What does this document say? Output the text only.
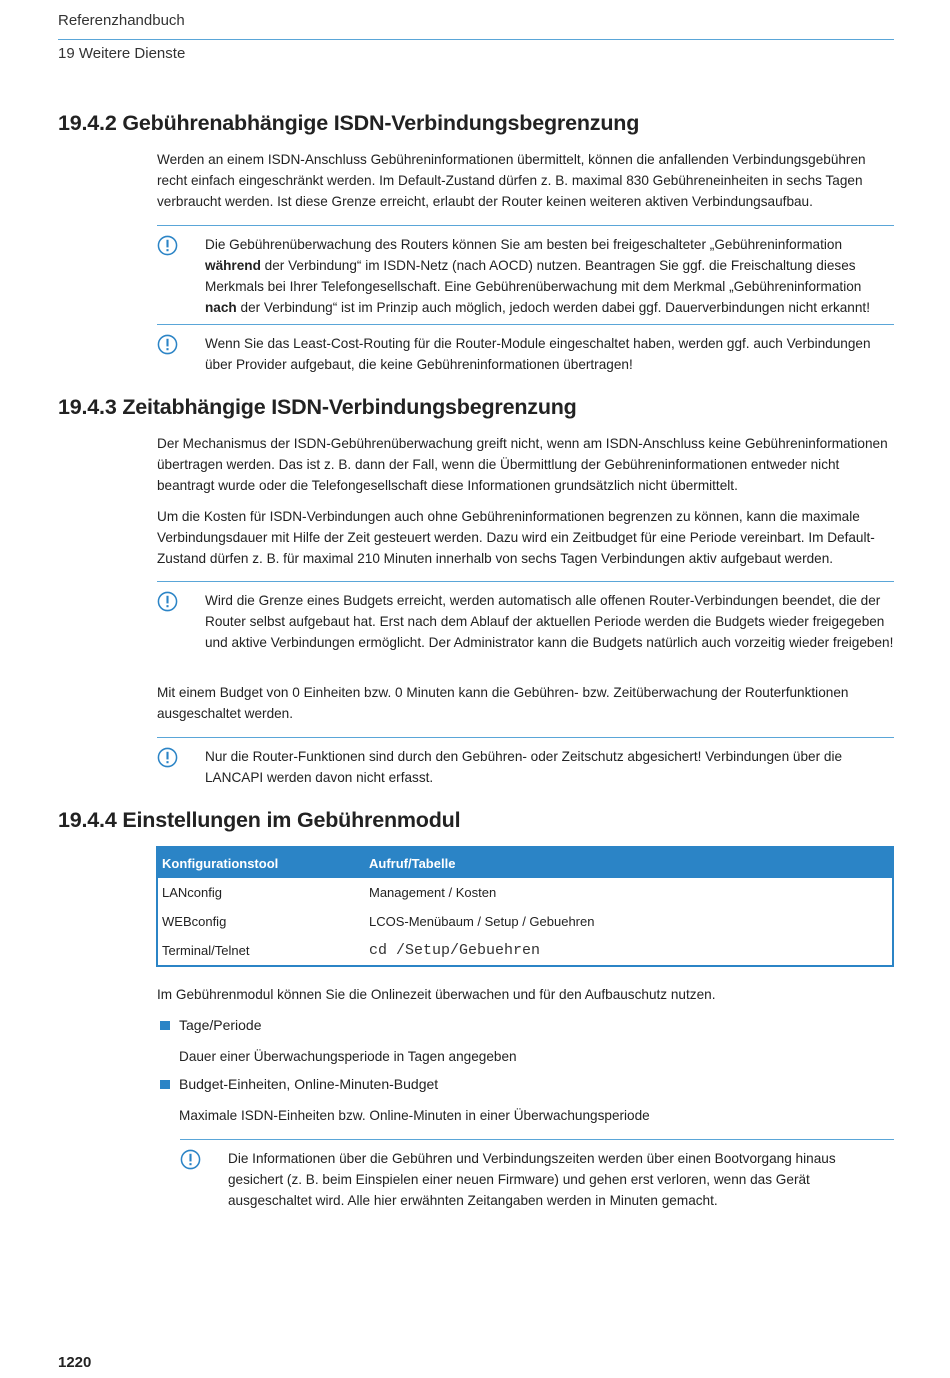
Referenzhandbuch
19 Weitere Dienste
19.4.2 Gebührenabhängige ISDN-Verbindungsbegrenzung
Werden an einem ISDN-Anschluss Gebühreninformationen übermittelt, können die anfallenden Verbindungsgebühren recht einfach eingeschränkt werden. Im Default-Zustand dürfen z. B. maximal 830 Gebühreneinheiten in sechs Tagen verbraucht werden. Ist diese Grenze erreicht, erlaubt der Router keinen weiteren aktiven Verbindungsaufbau.
Die Gebührenüberwachung des Routers können Sie am besten bei freigeschalteter „Gebühreninformation während der Verbindung“ im ISDN-Netz (nach AOCD) nutzen. Beantragen Sie ggf. die Freischaltung dieses Merkmals bei Ihrer Telefongesellschaft. Eine Gebührenüberwachung mit dem Merkmal „Gebühreninformation nach der Verbindung“ ist im Prinzip auch möglich, jedoch werden dabei ggf. Dauerverbindungen nicht erkannt!
Wenn Sie das Least-Cost-Routing für die Router-Module eingeschaltet haben, werden ggf. auch Verbindungen über Provider aufgebaut, die keine Gebühreninformationen übertragen!
19.4.3 Zeitabhängige ISDN-Verbindungsbegrenzung
Der Mechanismus der ISDN-Gebührenüberwachung greift nicht, wenn am ISDN-Anschluss keine Gebühreninformationen übertragen werden. Das ist z. B. dann der Fall, wenn die Übermittlung der Gebühreninformationen entweder nicht beantragt wurde oder die Telefongesellschaft diese Informationen grundsätzlich nicht übermittelt.
Um die Kosten für ISDN-Verbindungen auch ohne Gebühreninformationen begrenzen zu können, kann die maximale Verbindungsdauer mit Hilfe der Zeit gesteuert werden. Dazu wird ein Zeitbudget für eine Periode vereinbart. Im Default-Zustand dürfen z. B. für maximal 210 Minuten innerhalb von sechs Tagen Verbindungen aktiv aufgebaut werden.
Wird die Grenze eines Budgets erreicht, werden automatisch alle offenen Router-Verbindungen beendet, die der Router selbst aufgebaut hat. Erst nach dem Ablauf der aktuellen Periode werden die Budgets wieder freigegeben und aktive Verbindungen ermöglicht. Der Administrator kann die Budgets natürlich auch vorzeitig wieder freigeben!
Mit einem Budget von 0 Einheiten bzw. 0 Minuten kann die Gebühren- bzw. Zeitüberwachung der Routerfunktionen ausgeschaltet werden.
Nur die Router-Funktionen sind durch den Gebühren- oder Zeitschutz abgesichert! Verbindungen über die LANCAPI werden davon nicht erfasst.
19.4.4 Einstellungen im Gebührenmodul
Konfigurationstool	Aufruf/Tabelle
LANconfig	Management / Kosten
WEBconfig	LCOS-Menübaum / Setup / Gebuehren
Terminal/Telnet	cd /Setup/Gebuehren
Im Gebührenmodul können Sie die Onlinezeit überwachen und für den Aufbauschutz nutzen.
Tage/Periode
Dauer einer Überwachungsperiode in Tagen angegeben
Budget-Einheiten, Online-Minuten-Budget
Maximale ISDN-Einheiten bzw. Online-Minuten in einer Überwachungsperiode
Die Informationen über die Gebühren und Verbindungszeiten werden über einen Bootvorgang hinaus gesichert (z. B. beim Einspielen einer neuen Firmware) und gehen erst verloren, wenn das Gerät ausgeschaltet wird. Alle hier erwähnten Zeitangaben werden in Minuten gemacht.
1220
